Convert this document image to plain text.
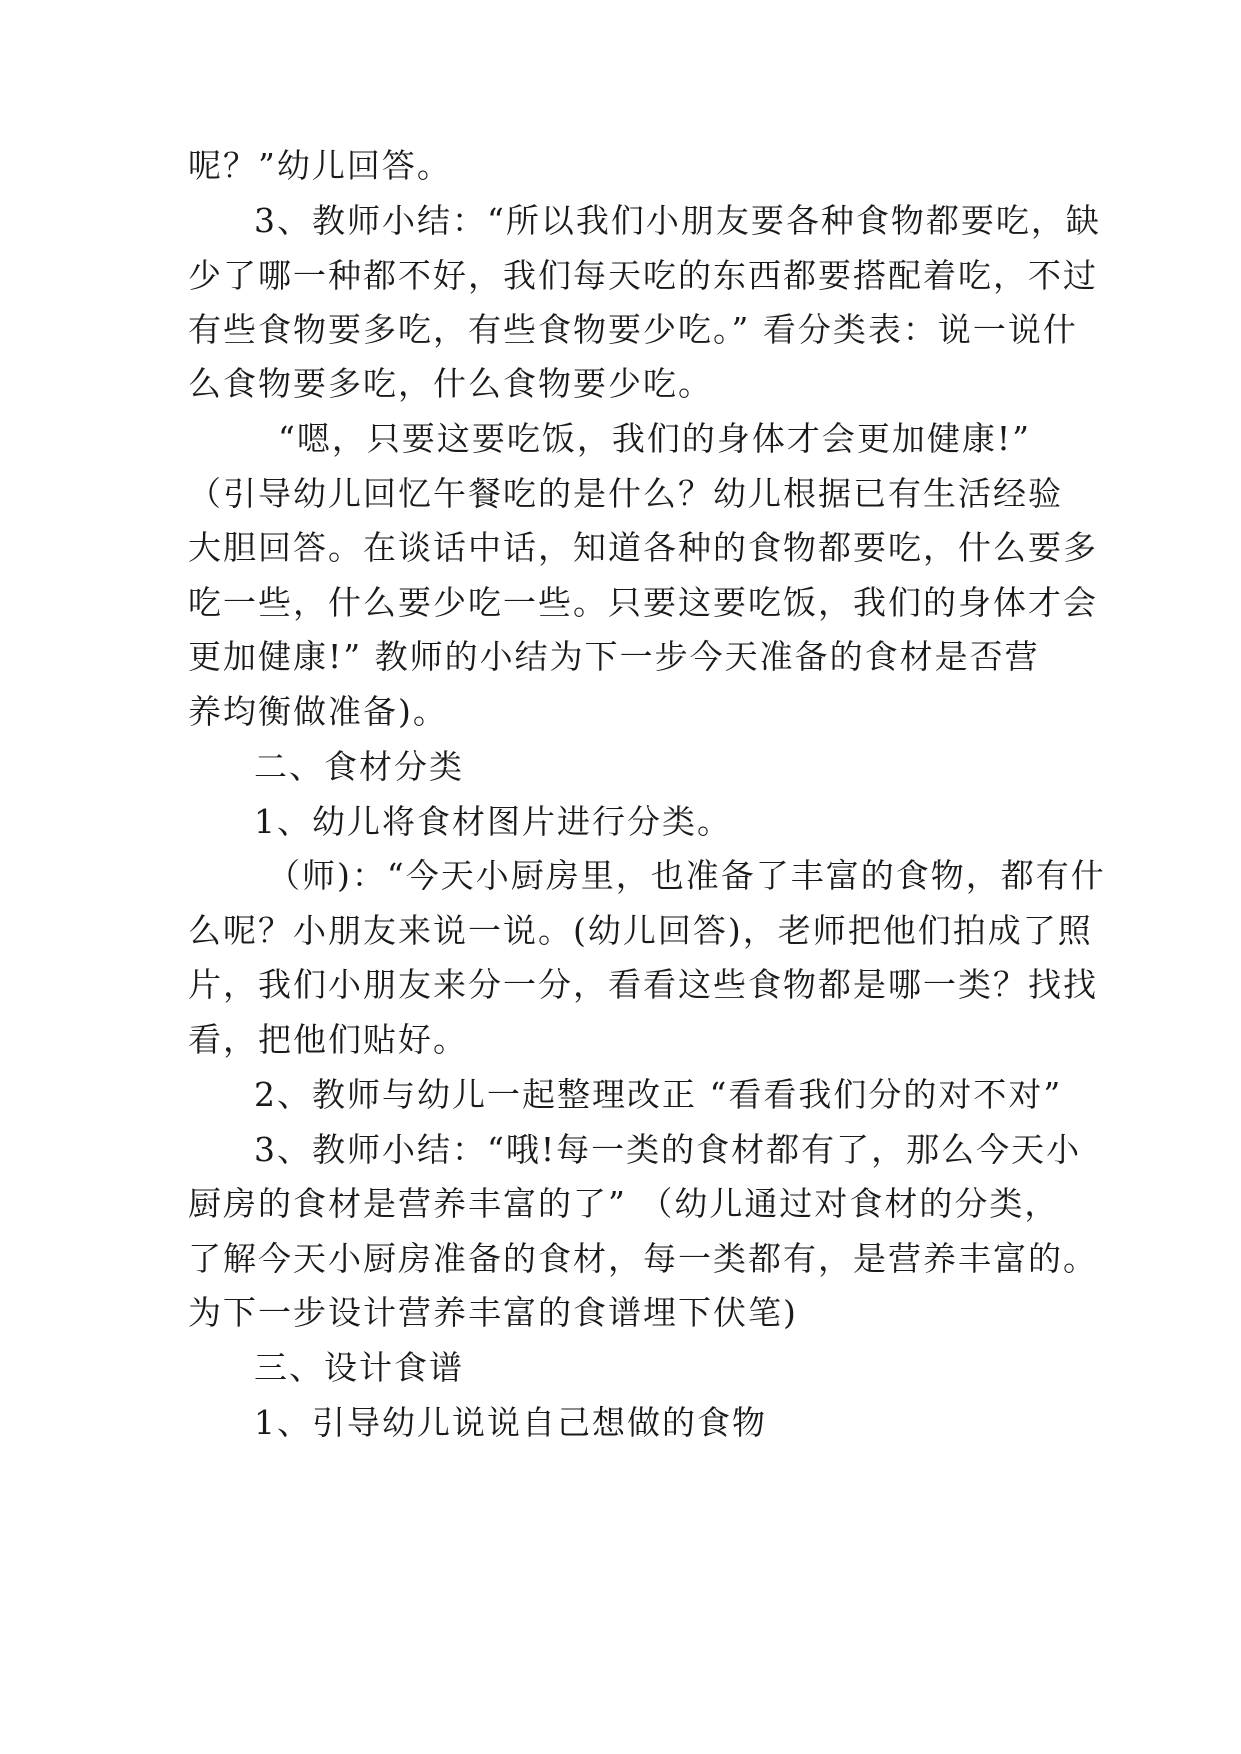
呢？”幼儿回答。
3、教师小结：“所以我们小朋友要各种食物都要吃，缺
少了哪一种都不好，我们每天吃的东西都要搭配着吃，不过
有些食物要多吃，有些食物要少吃。” 看分类表：说一说什
么食物要多吃，什么食物要少吃。
“嗯，只要这要吃饭，我们的身体才会更加健康!”
（引导幼儿回忆午餐吃的是什么？幼儿根据已有生活经验
大胆回答。在谈话中话，知道各种的食物都要吃，什么要多
吃一些，什么要少吃一些。只要这要吃饭，我们的身体才会
更加健康!” 教师的小结为下一步今天准备的食材是否营
养均衡做准备)。
二、食材分类
1、幼儿将食材图片进行分类。
（师)：“今天小厨房里，也准备了丰富的食物，都有什
么呢？小朋友来说一说。(幼儿回答)，老师把他们拍成了照
片，我们小朋友来分一分，看看这些食物都是哪一类？找找
看，把他们贴好。
2、教师与幼儿一起整理改正 “看看我们分的对不对”
3、教师小结：“哦!每一类的食材都有了，那么今天小
厨房的食材是营养丰富的了” （幼儿通过对食材的分类，
了解今天小厨房准备的食材，每一类都有，是营养丰富的。
为下一步设计营养丰富的食谱埋下伏笔)
三、设计食谱
1、引导幼儿说说自己想做的食物
